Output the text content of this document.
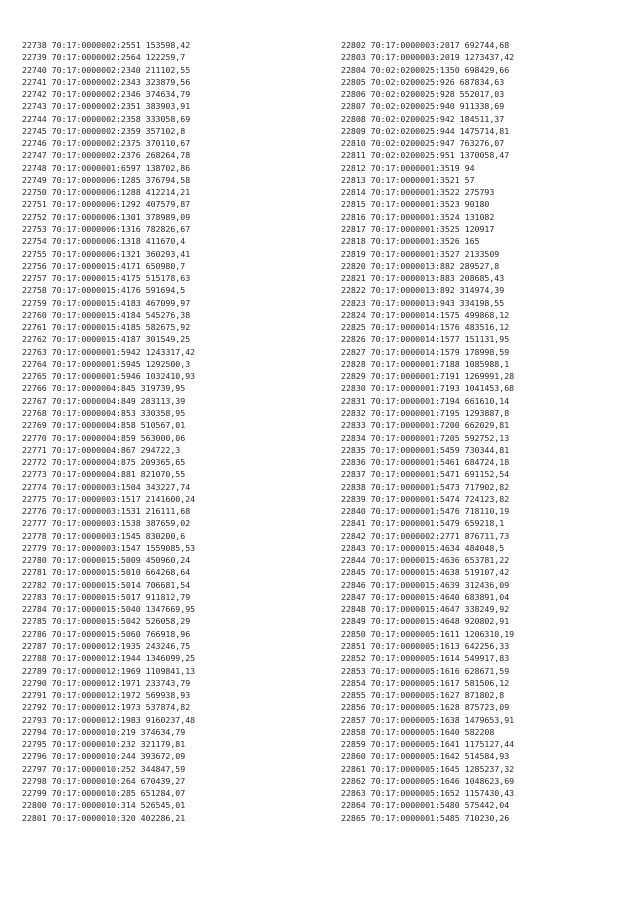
22738 70:17:0000002:2551 153598,42
22739 70:17:0000002:2564 122259,7
22740 70:17:0000002:2340 211102,55
22741 70:17:0000002:2343 323879,56
22742 70:17:0000002:2346 374634,79
22743 70:17:0000002:2351 383903,91
22744 70:17:0000002:2358 333058,69
22745 70:17:0000002:2359 357102,8
22746 70:17:0000002:2375 370110,67
22747 70:17:0000002:2376 268264,78
22748 70:17:0000001:6597 138702,86
22749 70:17:0000006:1285 376794,58
22750 70:17:0000006:1288 412214,21
22751 70:17:0000006:1292 407579,87
22752 70:17:0000006:1301 378989,09
22753 70:17:0000006:1316 782826,67
22754 70:17:0000006:1318 411670,4
22755 70:17:0000006:1321 360293,41
22756 70:17:0000015:4171 650980,7
22757 70:17:0000015:4175 515178,63
22758 70:17:0000015:4176 591694,5
22759 70:17:0000015:4183 467099,97
22760 70:17:0000015:4184 545276,38
22761 70:17:0000015:4185 582675,92
22762 70:17:0000015:4187 301549,25
22763 70:17:0000001:5942 1243317,42
22764 70:17:0000001:5945 1292500,3
22765 70:17:0000001:5946 1032410,93
22766 70:17:0000004:845 319739,95
22767 70:17:0000004:849 283113,39
22768 70:17:0000004:853 330358,95
22769 70:17:0000004:858 510567,01
22770 70:17:0000004:859 563000,06
22771 70:17:0000004:867 294722,3
22772 70:17:0000004:875 209365,65
22773 70:17:0000004:881 821070,55
22774 70:17:0000003:1504 343227,74
22775 70:17:0000003:1517 2141600,24
22776 70:17:0000003:1531 216111,68
22777 70:17:0000003:1538 387659,02
22778 70:17:0000003:1545 830200,6
22779 70:17:0000003:1547 1559085,53
22780 70:17:0000015:5009 450960,24
22781 70:17:0000015:5010 664268,64
22782 70:17:0000015:5014 706681,54
22783 70:17:0000015:5017 911812,79
22784 70:17:0000015:5040 1347669,95
22785 70:17:0000015:5042 526058,29
22786 70:17:0000015:5060 766918,96
22787 70:17:0000012:1935 243246,75
22788 70:17:0000012:1944 1346099,25
22789 70:17:0000012:1969 1109841,13
22790 70:17:0000012:1971 233743,79
22791 70:17:0000012:1972 569938,93
22792 70:17:0000012:1973 537874,82
22793 70:17:0000012:1983 9160237,48
22794 70:17:0000010:219 374634,79
22795 70:17:0000010:232 321179,81
22796 70:17:0000010:244 393672,09
22797 70:17:0000010:252 344847,59
22798 70:17:0000010:264 670439,27
22799 70:17:0000010:285 651284,07
22800 70:17:0000010:314 526545,01
22801 70:17:0000010:320 402286,21
22802 70:17:0000003:2017 692744,68
22803 70:17:0000003:2019 1273437,42
22804 70:02:0200025:1350 698429,66
22805 70:02:0200025:926 687834,63
22806 70:02:0200025:928 552017,03
22807 70:02:0200025:940 911338,69
22808 70:02:0200025:942 184511,37
22809 70:02:0200025:944 1475714,81
22810 70:02:0200025:947 763276,07
22811 70:02:0200025:951 1370058,47
22812 70:17:0000001:3519 94
22813 70:17:0000001:3521 57
22814 70:17:0000001:3522 275793
22815 70:17:0000001:3523 90180
22816 70:17:0000001:3524 131082
22817 70:17:0000001:3525 120917
22818 70:17:0000001:3526 165
22819 70:17:0000001:3527 2133509
22820 70:17:0000013:882 289527,8
22821 70:17:0000013:883 208685,43
22822 70:17:0000013:892 314974,39
22823 70:17:0000013:943 334198,55
22824 70:17:0000014:1575 499868,12
22825 70:17:0000014:1576 483516,12
22826 70:17:0000014:1577 151131,95
22827 70:17:0000014:1579 178998,59
22828 70:17:0000001:7188 1085988,1
22829 70:17:0000001:7191 1269991,28
22830 70:17:0000001:7193 1041453,68
22831 70:17:0000001:7194 661610,14
22832 70:17:0000001:7195 1293887,8
22833 70:17:0000001:7200 662029,81
22834 70:17:0000001:7205 592752,13
22835 70:17:0000001:5459 730344,81
22836 70:17:0000001:5461 684724,18
22837 70:17:0000001:5471 691152,54
22838 70:17:0000001:5473 717902,82
22839 70:17:0000001:5474 724123,82
22840 70:17:0000001:5476 718110,19
22841 70:17:0000001:5479 659218,1
22842 70:17:0000002:2771 876711,73
22843 70:17:0000015:4634 484048,5
22844 70:17:0000015:4636 653781,22
22845 70:17:0000015:4638 519107,42
22846 70:17:0000015:4639 312436,09
22847 70:17:0000015:4640 683891,04
22848 70:17:0000015:4647 338249,92
22849 70:17:0000015:4648 920802,91
22850 70:17:0000005:1611 1206310,19
22851 70:17:0000005:1613 642256,33
22852 70:17:0000005:1614 549917,83
22853 70:17:0000005:1616 628671,59
22854 70:17:0000005:1617 581506,12
22855 70:17:0000005:1627 871802,8
22856 70:17:0000005:1628 875723,09
22857 70:17:0000005:1638 1479653,91
22858 70:17:0000005:1640 582208
22859 70:17:0000005:1641 1175127,44
22860 70:17:0000005:1642 514584,93
22861 70:17:0000005:1645 1285237,32
22862 70:17:0000005:1646 1048623,69
22863 70:17:0000005:1652 1157430,43
22864 70:17:0000001:5480 575442,04
22865 70:17:0000001:5485 710230,26
